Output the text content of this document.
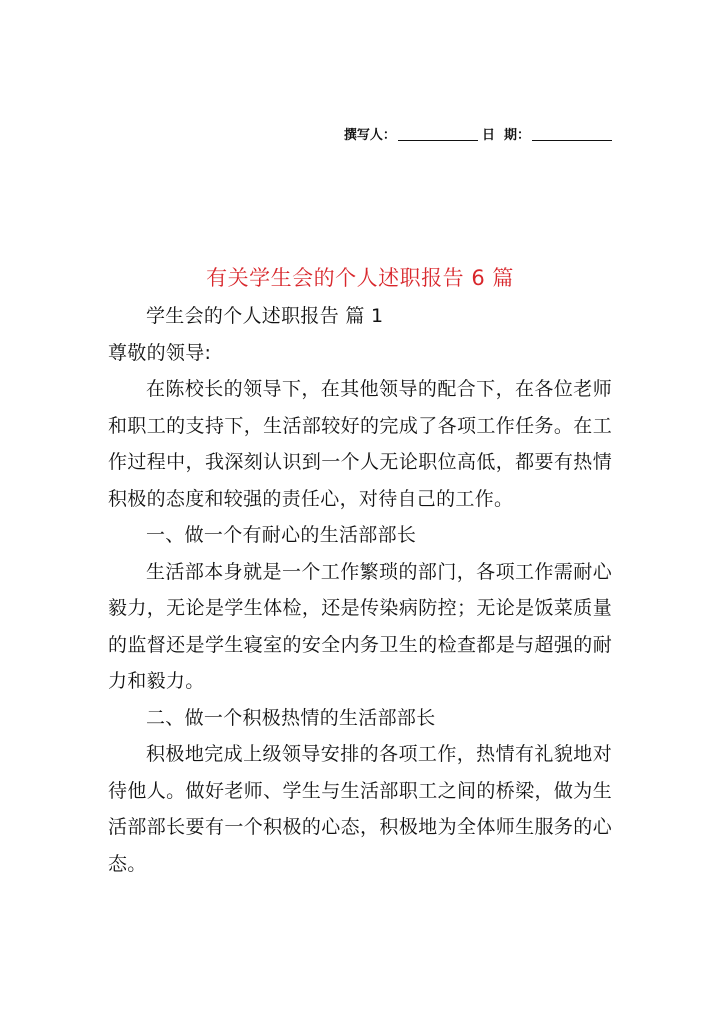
撰写人：	日  期：
有关学生会的个人述职报告 6 篇

学生会的个人述职报告 篇 1

尊敬的领导:

在陈校长的领导下，在其他领导的配合下，在各位老师和职工的支持下，生活部较好的完成了各项工作任务。在工作过程中，我深刻认识到一个人无论职位高低，都要有热情积极的态度和较强的责任心，对待自己的工作。

一、做一个有耐心的生活部部长

生活部本身就是一个工作繁琐的部门，各项工作需耐心毅力，无论是学生体检，还是传染病防控；无论是饭菜质量的监督还是学生寝室的安全内务卫生的检查都是与超强的耐力和毅力。

二、做一个积极热情的生活部部长

积极地完成上级领导安排的各项工作，热情有礼貌地对待他人。做好老师、学生与生活部职工之间的桥梁，做为生活部部长要有一个积极的心态，积极地为全体师生服务的心态。
